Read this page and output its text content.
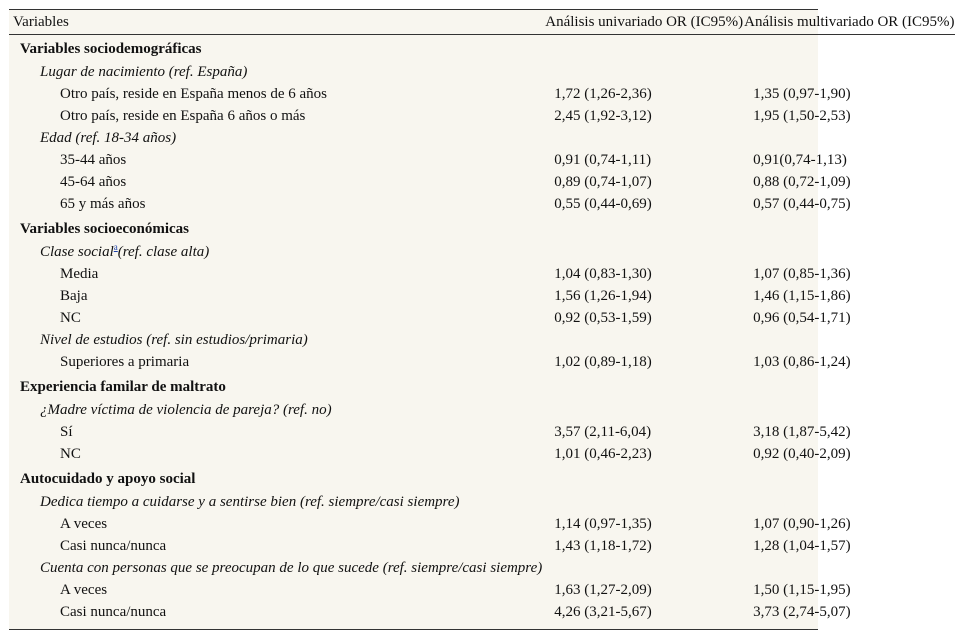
Variables	Análisis univariado OR (IC95%)	Análisis multivariado OR (IC95%)
Variables sociodemográficas		
Lugar de nacimiento (ref. España)		
Otro país, reside en España menos de 6 años	1,72 (1,26-2,36)	1,35 (0,97-1,90)
Otro país, reside en España 6 años o más	2,45 (1,92-3,12)	1,95 (1,50-2,53)
Edad (ref. 18-34 años)		
35-44 años	0,91 (0,74-1,11)	0,91(0,74-1,13)
45-64 años	0,89 (0,74-1,07)	0,88 (0,72-1,09)
65 y más años	0,55 (0,44-0,69)	0,57 (0,44-0,75)
Variables socioeconómicas		
Clase social$^a$(ref. clase alta)		
Media	1,04 (0,83-1,30)	1,07 (0,85-1,36)
Baja	1,56 (1,26-1,94)	1,46 (1,15-1,86)
NC	0,92 (0,53-1,59)	0,96 (0,54-1,71)
Nivel de estudios (ref. sin estudios/primaria)		
Superiores a primaria	1,02 (0,89-1,18)	1,03 (0,86-1,24)
Experiencia familar de maltrato		
¿Madre víctima de violencia de pareja? (ref. no)		
Sí	3,57 (2,11-6,04)	3,18 (1,87-5,42)
NC	1,01 (0,46-2,23)	0,92 (0,40-2,09)
Autocuidado y apoyo social		
Dedica tiempo a cuidarse y a sentirse bien (ref. siempre/casi siempre)		
A veces	1,14 (0,97-1,35)	1,07 (0,90-1,26)
Casi nunca/nunca	1,43 (1,18-1,72)	1,28 (1,04-1,57)
Cuenta con personas que se preocupan de lo que sucede (ref. siempre/casi siempre)		
A veces	1,63 (1,27-2,09)	1,50 (1,15-1,95)
Casi nunca/nunca	4,26 (3,21-5,67)	3,73 (2,74-5,07)
